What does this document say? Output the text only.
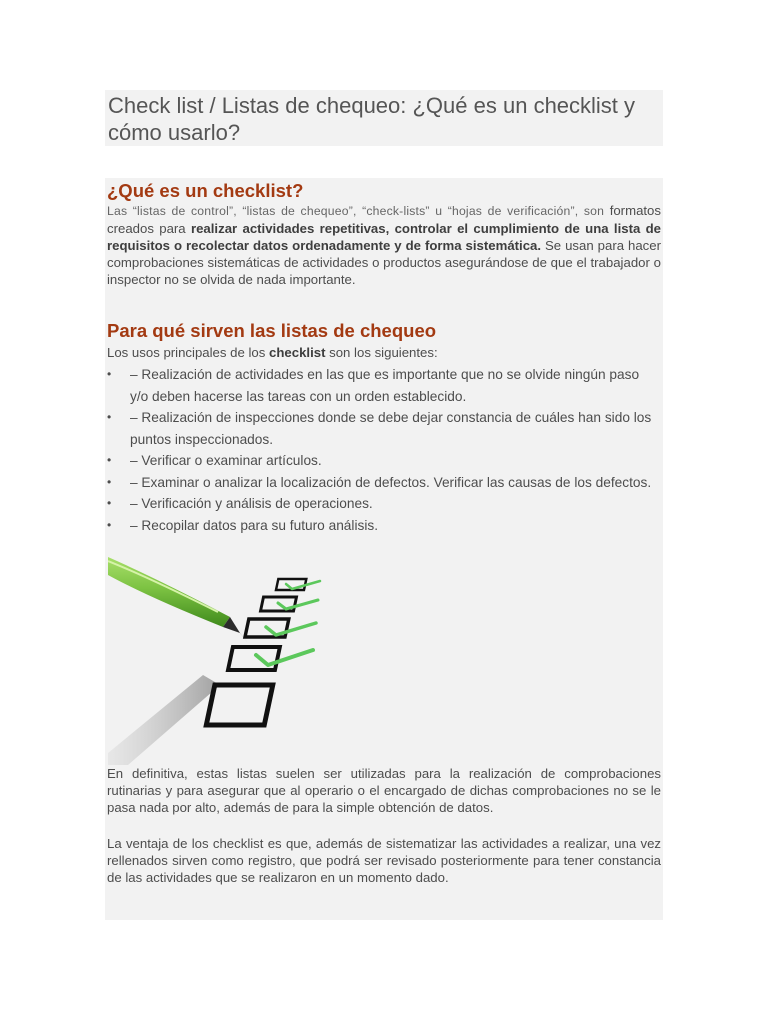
Check list / Listas de chequeo: ¿Qué es un checklist y cómo usarlo?
¿Qué es un checklist?

Las “listas de control”, “listas de chequeo”, “check-lists” u “hojas de verificación”, son formatos creados para realizar actividades repetitivas, controlar el cumplimiento de una lista de requisitos o recolectar datos ordenadamente y de forma sistemática. Se usan para hacer comprobaciones sistemáticas de actividades o productos asegurándose de que el trabajador o inspector no se olvida de nada importante.

Para qué sirven las listas de chequeo

Los usos principales de los checklist son los siguientes:

• – Realización de actividades en las que es importante que no se olvide ningún paso y/o deben hacerse las tareas con un orden establecido.
• – Realización de inspecciones donde se debe dejar constancia de cuáles han sido los puntos inspeccionados.
• – Verificar o examinar artículos.
• – Examinar o analizar la localización de defectos. Verificar las causas de los defectos.
• – Verificación y análisis de operaciones.
• – Recopilar datos para su futuro análisis.

En definitiva, estas listas suelen ser utilizadas para la realización de comprobaciones rutinarias y para asegurar que al operario o el encargado de dichas comprobaciones no se le pasa nada por alto, además de para la simple obtención de datos.

La ventaja de los checklist es que, además de sistematizar las actividades a realizar, una vez rellenados sirven como registro, que podrá ser revisado posteriormente para tener constancia de las actividades que se realizaron en un momento dado.
